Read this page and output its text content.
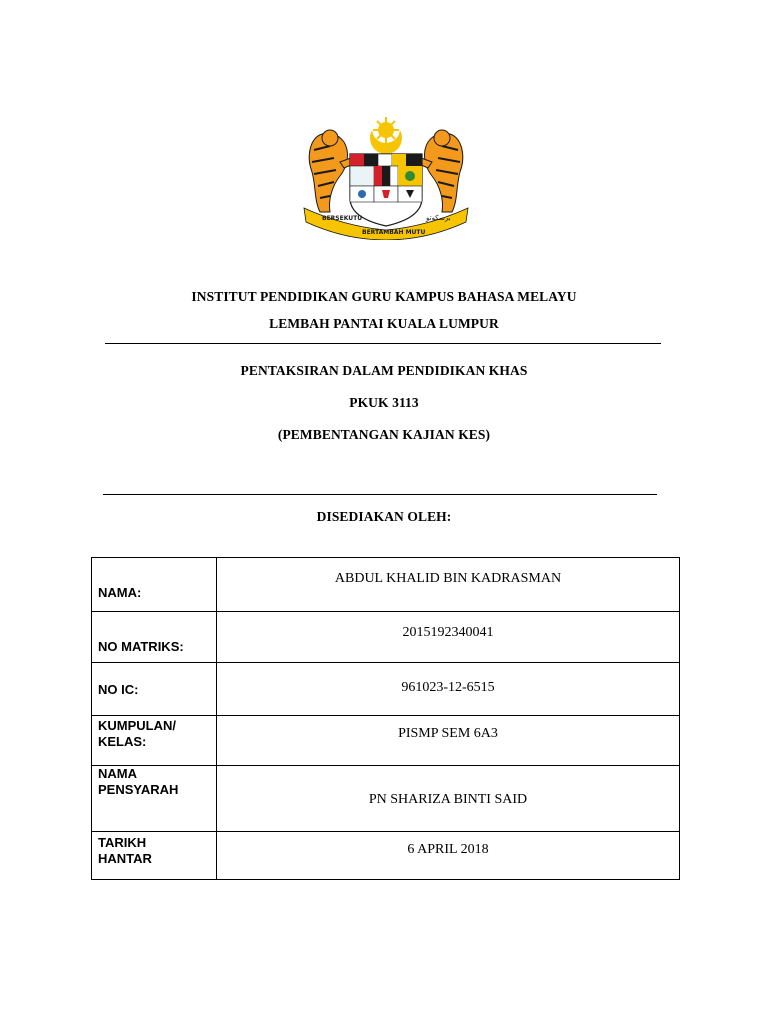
BERSEKUTU
BERTAMBAH MUTU
برسکوتو
INSTITUT PENDIDIKAN GURU KAMPUS BAHASA MELAYU
LEMBAH PANTAI KUALA LUMPUR
PENTAKSIRAN DALAM PENDIDIKAN KHAS
PKUK 3113
(PEMBENTANGAN KAJIAN KES)
DISEDIAKAN OLEH:
NAMA:	ABDUL KHALID BIN KADRASMAN

NO MATRIKS:	2015192340041

NO IC:	961023-12-6515

KUMPULAN/
KELAS:	PISMP SEM 6A3

NAMA
PENSYARAH	PN SHARIZA BINTI SAID

TARIKH
HANTAR	6 APRIL 2018
